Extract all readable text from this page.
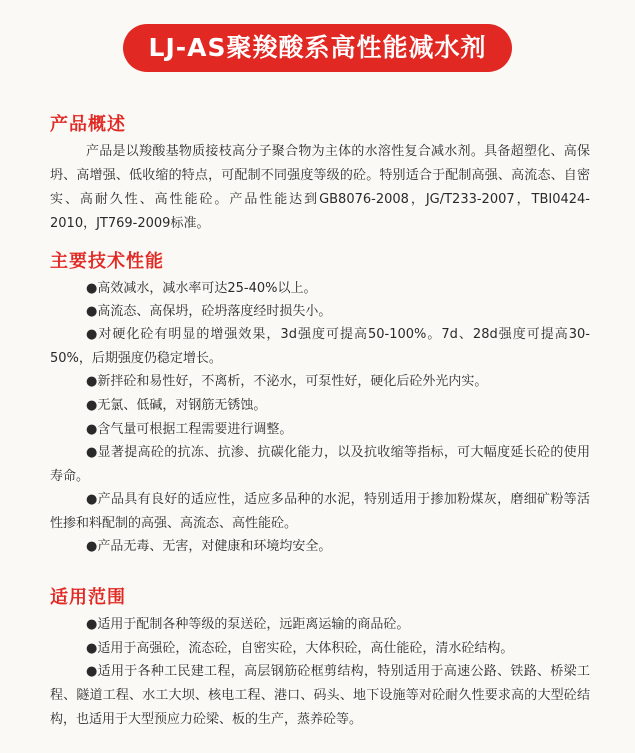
LJ-AS聚羧酸系高性能减水剂
产品概述
产品是以羧酸基物质接枝高分子聚合物为主体的水溶性复合减水剂。具备超塑化、高保坍、高增强、低收缩的特点，可配制不同强度等级的砼。特别适合于配制高强、高流态、自密实、高耐久性、高性能砼。产品性能达到GB8076-2008，JG/T233-2007，TBI0424-2010，JT769-2009标准。
主要技术性能
●高效减水，减水率可达25-40%以上。
●高流态、高保坍，砼坍落度经时损失小。
●对硬化砼有明显的增强效果，3d强度可提高50-100%。7d、28d强度可提高30-50%，后期强度仍稳定增长。
●新拌砼和易性好，不离析，不泌水，可泵性好，硬化后砼外光内实。
●无氯、低碱，对钢筋无锈蚀。
●含气量可根据工程需要进行调整。
●显著提高砼的抗冻、抗渗、抗碳化能力，以及抗收缩等指标，可大幅度延长砼的使用寿命。
●产品具有良好的适应性，适应多品种的水泥，特别适用于掺加粉煤灰，磨细矿粉等活性掺和料配制的高强、高流态、高性能砼。
●产品无毒、无害，对健康和环境均安全。
适用范围
●适用于配制各种等级的泵送砼，远距离运输的商品砼。
●适用于高强砼，流态砼，自密实砼，大体积砼，高仕能砼，清水砼结构。
●适用于各种工民建工程，高层钢筋砼框剪结构，特别适用于高速公路、铁路、桥梁工程、隧道工程、水工大坝、核电工程、港口、码头、地下设施等对砼耐久性要求高的大型砼结构，也适用于大型预应力砼梁、板的生产，蒸养砼等。
